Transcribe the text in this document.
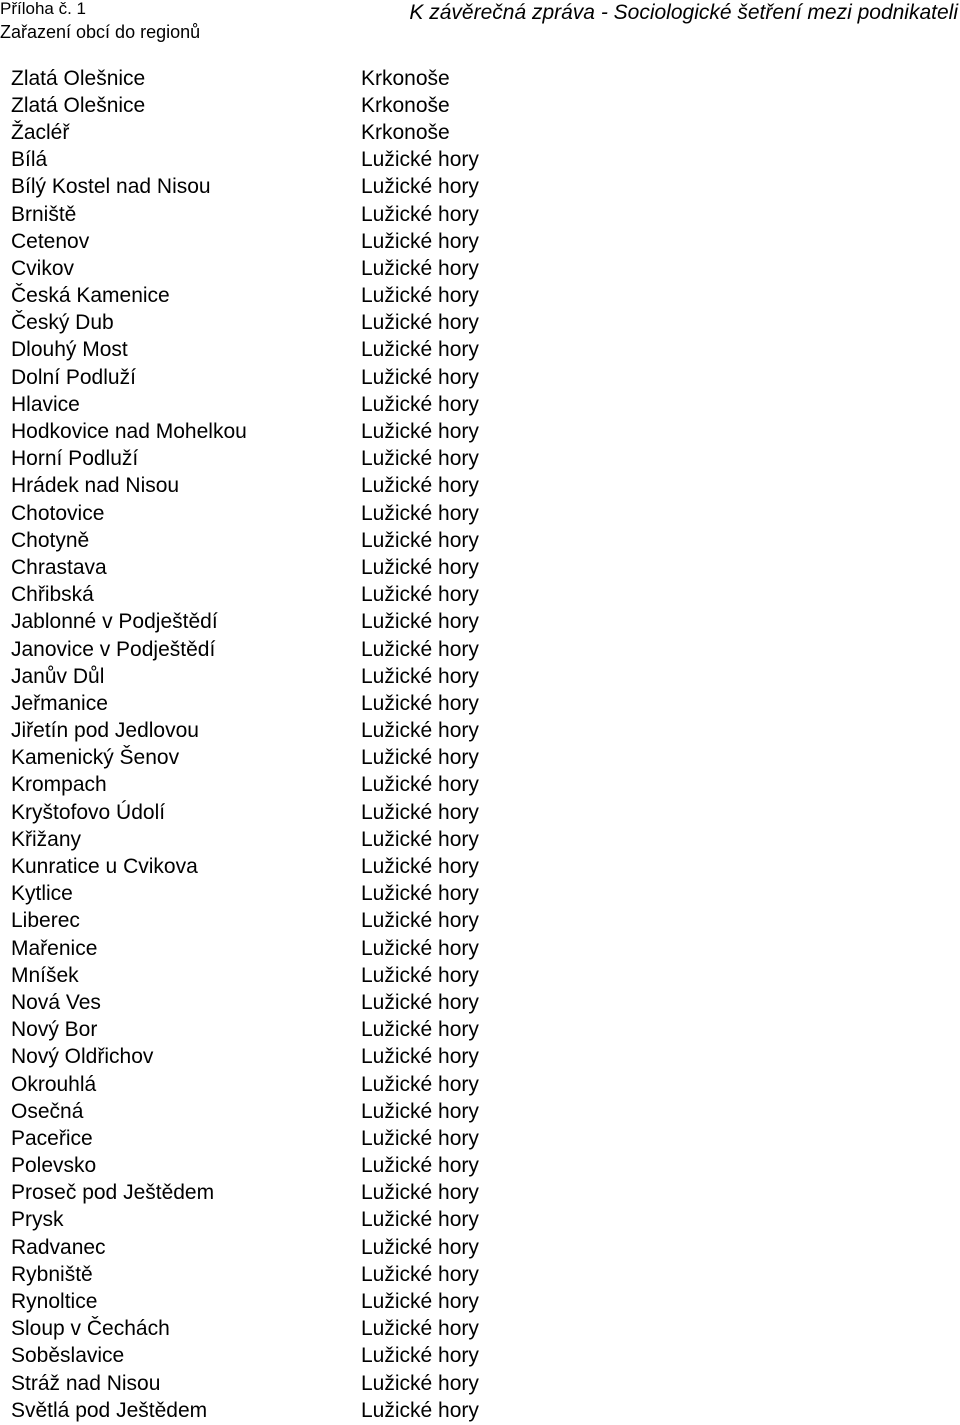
Příloha č. 1
Zařazení obcí do regionů
K závěrečná zpráva - Sociologické šetření mezi podnikateli
Zlatá Olešnice	Krkonoše
Zlatá Olešnice	Krkonoše
Žacléř	Krkonoše
Bílá	Lužické hory
Bílý Kostel nad Nisou	Lužické hory
Brniště	Lužické hory
Cetenov	Lužické hory
Cvikov	Lužické hory
Česká Kamenice	Lužické hory
Český Dub	Lužické hory
Dlouhý Most	Lužické hory
Dolní Podluží	Lužické hory
Hlavice	Lužické hory
Hodkovice nad Mohelkou	Lužické hory
Horní Podluží	Lužické hory
Hrádek nad Nisou	Lužické hory
Chotovice	Lužické hory
Chotyně	Lužické hory
Chrastava	Lužické hory
Chřibská	Lužické hory
Jablonné v Podještědí	Lužické hory
Janovice v Podještědí	Lužické hory
Janův Důl	Lužické hory
Jeřmanice	Lužické hory
Jiřetín pod Jedlovou	Lužické hory
Kamenický Šenov	Lužické hory
Krompach	Lužické hory
Kryštofovo Údolí	Lužické hory
Křižany	Lužické hory
Kunratice u Cvikova	Lužické hory
Kytlice	Lužické hory
Liberec	Lužické hory
Mařenice	Lužické hory
Mníšek	Lužické hory
Nová Ves	Lužické hory
Nový Bor	Lužické hory
Nový Oldřichov	Lužické hory
Okrouhlá	Lužické hory
Osečná	Lužické hory
Paceřice	Lužické hory
Polevsko	Lužické hory
Proseč pod Ještědem	Lužické hory
Prysk	Lužické hory
Radvanec	Lužické hory
Rybniště	Lužické hory
Rynoltice	Lužické hory
Sloup v Čechách	Lužické hory
Soběslavice	Lužické hory
Stráž nad Nisou	Lužické hory
Světlá pod Ještědem	Lužické hory
